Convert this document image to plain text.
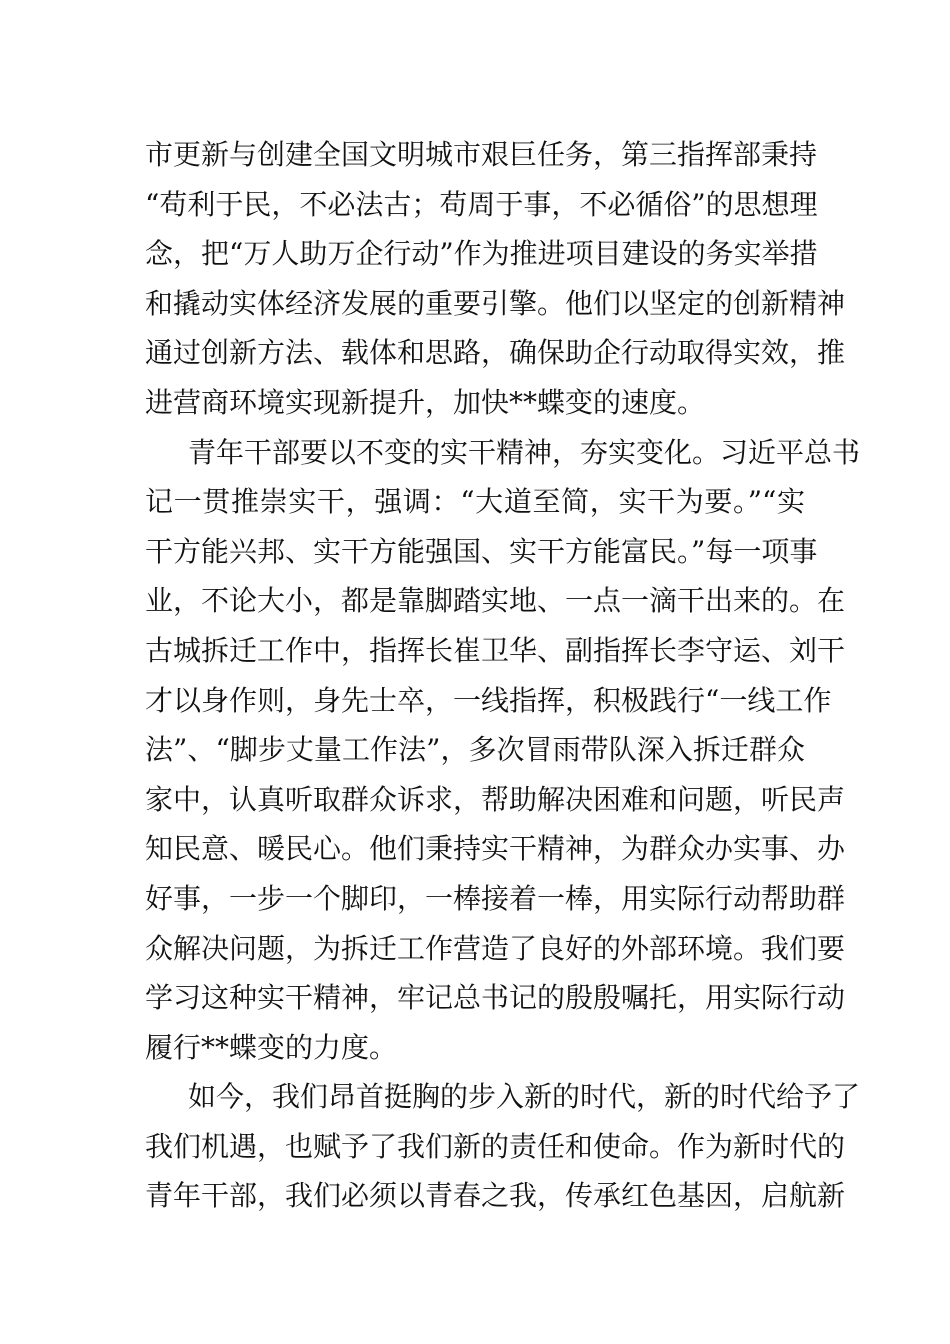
市更新与创建全国文明城市艰巨任务，第三指挥部秉持
“苟利于民，不必法古；苟周于事，不必循俗”的思想理
念，把“万人助万企行动”作为推进项目建设的务实举措
和撬动实体经济发展的重要引擎。他们以坚定的创新精神
通过创新方法、载体和思路，确保助企行动取得实效，推
进营商环境实现新提升，加快**蝶变的速度。
青年干部要以不变的实干精神，夯实变化。习近平总书
记一贯推崇实干，强调：“大道至简，实干为要。”“实
干方能兴邦、实干方能强国、实干方能富民。”每一项事
业，不论大小，都是靠脚踏实地、一点一滴干出来的。在
古城拆迁工作中，指挥长崔卫华、副指挥长李守运、刘干
才以身作则，身先士卒，一线指挥，积极践行“一线工作
法”、“脚步丈量工作法”，多次冒雨带队深入拆迁群众
家中，认真听取群众诉求，帮助解决困难和问题，听民声
知民意、暖民心。他们秉持实干精神，为群众办实事、办
好事，一步一个脚印，一棒接着一棒，用实际行动帮助群
众解决问题，为拆迁工作营造了良好的外部环境。我们要
学习这种实干精神，牢记总书记的殷殷嘱托，用实际行动
履行**蝶变的力度。
如今，我们昂首挺胸的步入新的时代，新的时代给予了
我们机遇，也赋予了我们新的责任和使命。作为新时代的
青年干部，我们必须以青春之我，传承红色基因，启航新
